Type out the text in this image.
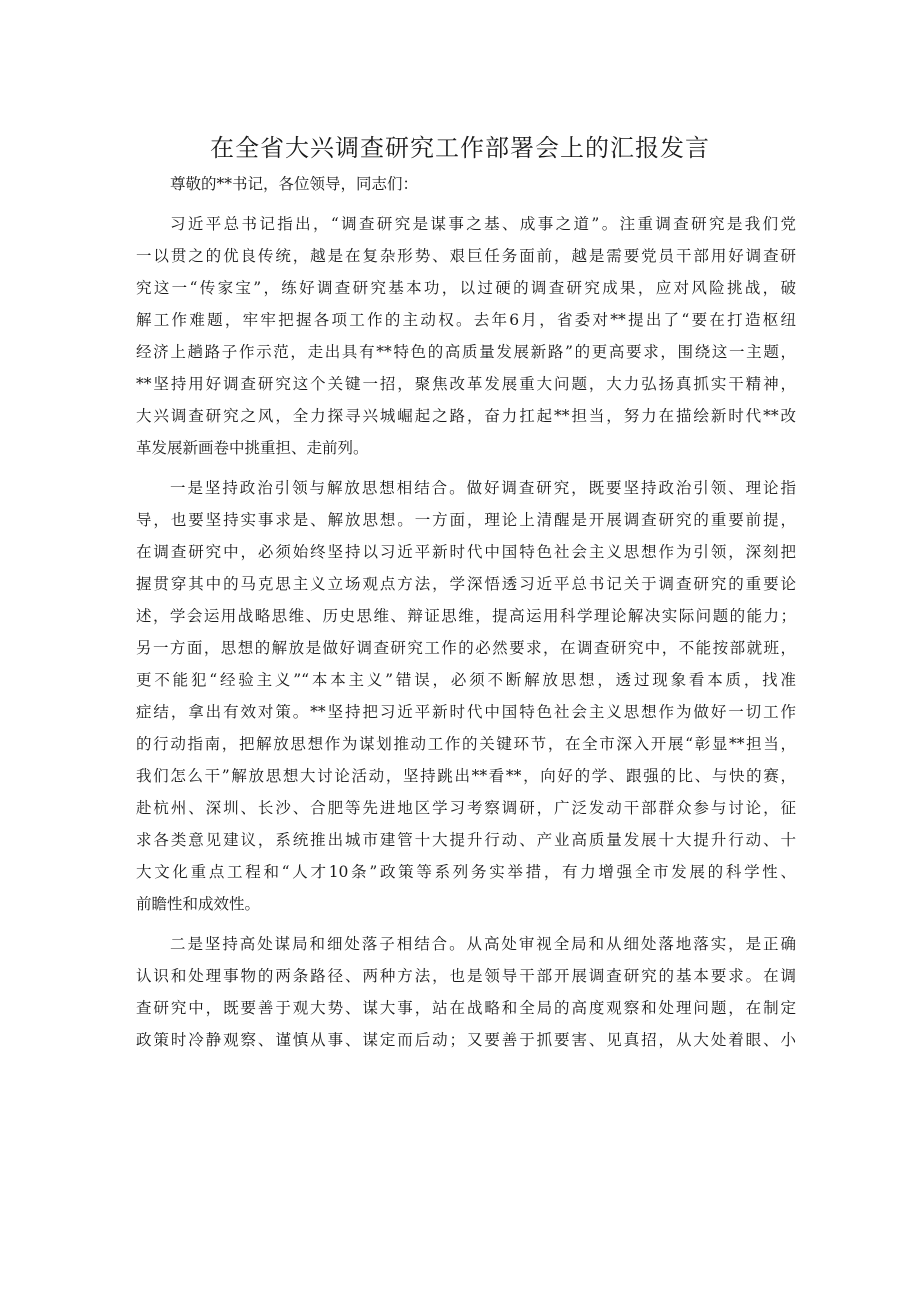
在全省大兴调查研究工作部署会上的汇报发言
尊敬的**书记，各位领导，同志们：
习近平总书记指出，“调查研究是谋事之基、成事之道”。注重调查研究是我们党
一以贯之的优良传统，越是在复杂形势、艰巨任务面前，越是需要党员干部用好调查研
究这一“传家宝”，练好调查研究基本功，以过硬的调查研究成果，应对风险挑战，破
解工作难题，牢牢把握各项工作的主动权。去年6月，省委对**提出了“要在打造枢纽
经济上趟路子作示范，走出具有**特色的高质量发展新路”的更高要求，围绕这一主题，
**坚持用好调查研究这个关键一招，聚焦改革发展重大问题，大力弘扬真抓实干精神，
大兴调查研究之风，全力探寻兴城崛起之路，奋力扛起**担当，努力在描绘新时代**改
革发展新画卷中挑重担、走前列。
一是坚持政治引领与解放思想相结合。做好调查研究，既要坚持政治引领、理论指
导，也要坚持实事求是、解放思想。一方面，理论上清醒是开展调查研究的重要前提，
在调查研究中，必须始终坚持以习近平新时代中国特色社会主义思想作为引领，深刻把
握贯穿其中的马克思主义立场观点方法，学深悟透习近平总书记关于调查研究的重要论
述，学会运用战略思维、历史思维、辩证思维，提高运用科学理论解决实际问题的能力；
另一方面，思想的解放是做好调查研究工作的必然要求，在调查研究中，不能按部就班，
更不能犯“经验主义”“本本主义”错误，必须不断解放思想，透过现象看本质，找准
症结，拿出有效对策。**坚持把习近平新时代中国特色社会主义思想作为做好一切工作
的行动指南，把解放思想作为谋划推动工作的关键环节，在全市深入开展“彰显**担当，
我们怎么干”解放思想大讨论活动，坚持跳出**看**，向好的学、跟强的比、与快的赛，
赴杭州、深圳、长沙、合肥等先进地区学习考察调研，广泛发动干部群众参与讨论，征
求各类意见建议，系统推出城市建管十大提升行动、产业高质量发展十大提升行动、十
大文化重点工程和“人才10条”政策等系列务实举措，有力增强全市发展的科学性、
前瞻性和成效性。
二是坚持高处谋局和细处落子相结合。从高处审视全局和从细处落地落实，是正确
认识和处理事物的两条路径、两种方法，也是领导干部开展调查研究的基本要求。在调
查研究中，既要善于观大势、谋大事，站在战略和全局的高度观察和处理问题，在制定
政策时冷静观察、谨慎从事、谋定而后动；又要善于抓要害、见真招，从大处着眼、小
